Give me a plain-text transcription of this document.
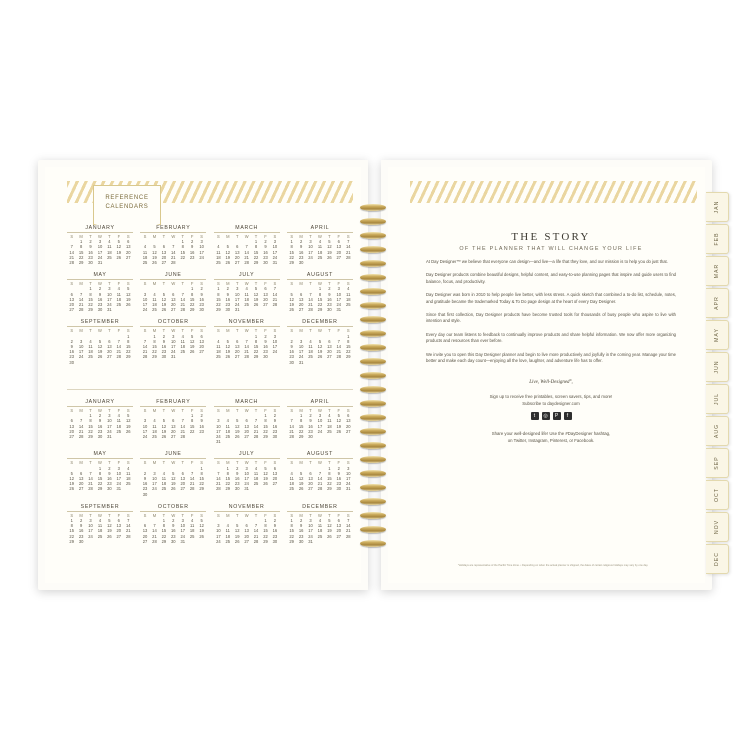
REFERENCE
CALENDARS
JANUARY
S	M	T	W	T	F	S
	1	2	3	4	5	6
7	8	9	10	11	12	13
14	15	16	17	18	19	20
21	22	23	24	25	26	27
28	29	30	31			
FEBRUARY
S	M	T	W	T	F	S
				1	2	3
4	5	6	7	8	9	10
11	12	13	14	15	16	17
18	19	20	21	22	23	24
25	26	27	28			
MARCH
S	M	T	W	T	F	S
				1	2	3
4	5	6	7	8	9	10
11	12	13	14	15	16	17
18	19	20	21	22	23	24
25	26	27	28	29	30	31
APRIL
S	M	T	W	T	F	S
1	2	3	4	5	6	7
8	9	10	11	12	13	14
15	16	17	18	19	20	21
22	23	24	25	26	27	28
29	30					
MAY
S	M	T	W	T	F	S
		1	2	3	4	5
6	7	8	9	10	11	12
13	14	15	16	17	18	19
20	21	22	23	24	25	26
27	28	29	30	31		
JUNE
S	M	T	W	T	F	S
					1	2
3	4	5	6	7	8	9
10	11	12	13	14	15	16
17	18	19	20	21	22	23
24	25	26	27	28	29	30
JULY
S	M	T	W	T	F	S
1	2	3	4	5	6	7
8	9	10	11	12	13	14
15	16	17	18	19	20	21
22	23	24	25	26	27	28
29	30	31				
AUGUST
S	M	T	W	T	F	S
			1	2	3	4
5	6	7	8	9	10	11
12	13	14	15	16	17	18
19	20	21	22	23	24	25
26	27	28	29	30	31	
SEPTEMBER
S	M	T	W	T	F	S
						1
2	3	4	5	6	7	8
9	10	11	12	13	14	15
16	17	18	19	20	21	22
23	24	25	26	27	28	29
30						
OCTOBER
S	M	T	W	T	F	S
	1	2	3	4	5	6
7	8	9	10	11	12	13
14	15	16	17	18	19	20
21	22	23	24	25	26	27
28	29	30	31			
NOVEMBER
S	M	T	W	T	F	S
				1	2	3
4	5	6	7	8	9	10
11	12	13	14	15	16	17
18	19	20	21	22	23	24
25	26	27	28	29	30	
DECEMBER
S	M	T	W	T	F	S
						1
2	3	4	5	6	7	8
9	10	11	12	13	14	15
16	17	18	19	20	21	22
23	24	25	26	27	28	29
30	31					
JANUARY
S	M	T	W	T	F	S
		1	2	3	4	5
6	7	8	9	10	11	12
13	14	15	16	17	18	19
20	21	22	23	24	25	26
27	28	29	30	31		
FEBRUARY
S	M	T	W	T	F	S
					1	2
3	4	5	6	7	8	9
10	11	12	13	14	15	16
17	18	19	20	21	22	23
24	25	26	27	28		
MARCH
S	M	T	W	T	F	S
					1	2
3	4	5	6	7	8	9
10	11	12	13	14	15	16
17	18	19	20	21	22	23
24	25	26	27	28	29	30
31						
APRIL
S	M	T	W	T	F	S
	1	2	3	4	5	6
7	8	9	10	11	12	13
14	15	16	17	18	19	20
21	22	23	24	25	26	27
28	29	30				
MAY
S	M	T	W	T	F	S
			1	2	3	4
5	6	7	8	9	10	11
12	13	14	15	16	17	18
19	20	21	22	23	24	25
26	27	28	29	30	31	
JUNE
S	M	T	W	T	F	S
						1
2	3	4	5	6	7	8
9	10	11	12	13	14	15
16	17	18	19	20	21	22
23	24	25	26	27	28	29
30						
JULY
S	M	T	W	T	F	S
	1	2	3	4	5	6
7	8	9	10	11	12	13
14	15	16	17	18	19	20
21	22	23	24	25	26	27
28	29	30	31			
AUGUST
S	M	T	W	T	F	S
				1	2	3
4	5	6	7	8	9	10
11	12	13	14	15	16	17
18	19	20	21	22	23	24
25	26	27	28	29	30	31
SEPTEMBER
S	M	T	W	T	F	S
1	2	3	4	5	6	7
8	9	10	11	12	13	14
15	16	17	18	19	20	21
22	23	24	25	26	27	28
29	30					
OCTOBER
S	M	T	W	T	F	S
		1	2	3	4	5
6	7	8	9	10	11	12
13	14	15	16	17	18	19
20	21	22	23	24	25	26
27	28	29	30	31		
NOVEMBER
S	M	T	W	T	F	S
					1	2
3	4	5	6	7	8	9
10	11	12	13	14	15	16
17	18	19	20	21	22	23
24	25	26	27	28	29	30
DECEMBER
S	M	T	W	T	F	S
1	2	3	4	5	6	7
8	9	10	11	12	13	14
15	16	17	18	19	20	21
22	23	24	25	26	27	28
29	30	31				
THE STORY
OF THE PLANNER THAT WILL CHANGE YOUR LIFE
At Day Designer™ we believe that everyone can design—and live—a life that they love, and our mission is to help you do just that.
Day Designer products combine beautiful designs, helpful content, and easy-to-use planning pages that inspire and guide users to find balance, focus, and productivity.
Day Designer was born in 2010 to help people live better, with less stress. A quick sketch that combined a to-do list, schedule, notes, and gratitude became the trademarked Today & To Do page design at the heart of every Day Designer.
Since that first collection, Day Designer products have become trusted tools for thousands of busy people who aspire to live with intention and style.
Every day our team listens to feedback to continually improve products and share helpful information. We now offer more organizing products and resources than ever before.
We invite you to open this Day Designer planner and begin to live more productively and joyfully in the coming year. Manage your time better and make each day count—enjoying all the love, laughter, and adventure life has to offer.
Live, Well-Designed°,
Sign up to receive free printables, screen savers, tips, and more!
Subscribe to daydesigner.com
t	◎	P	f
Share your well-designed life! Use the #DayDesigner hashtag,
on Twitter, Instagram, Pinterest, or Facebook.
*Holidays are representative of the Pacific Time Zone. • Depending on when the actual planner is shipped, the dates of certain religious holidays may vary by one day.
JAN
FEB
MAR
APR
MAY
JUN
JUL
AUG
SEP
OCT
NOV
DEC
